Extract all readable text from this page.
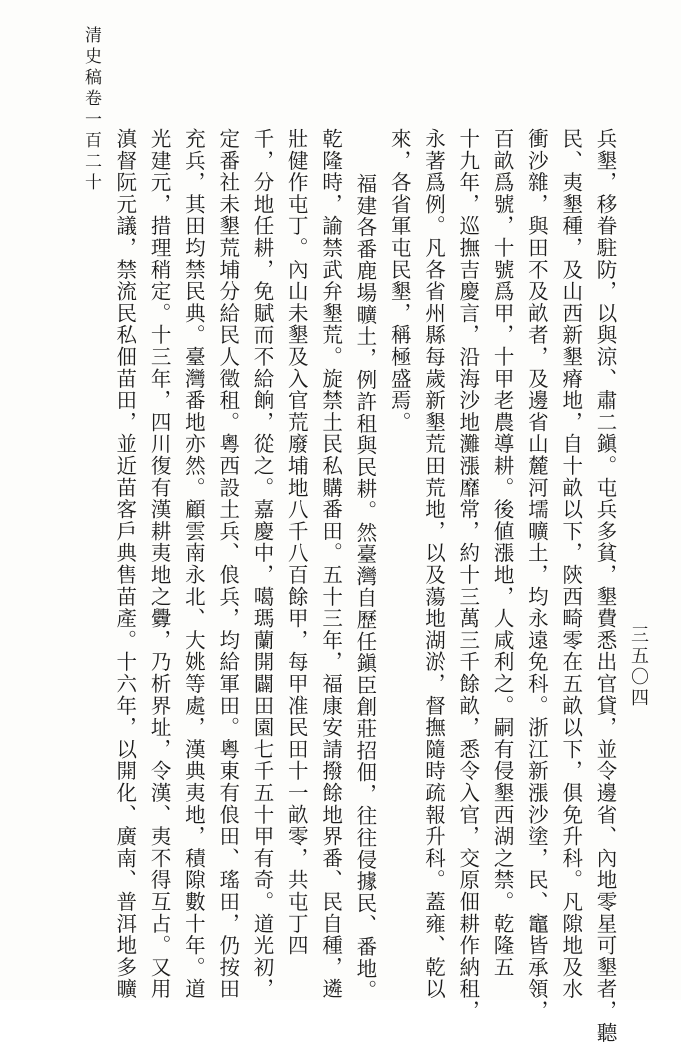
清史稿卷一百二十
三五〇四
兵墾，移眷駐防，以與涼、肅二鎭。屯兵多貧，墾費悉出官貸，並令邊省、內地零星可墾者，聽
民、夷墾種，及山西新墾瘠地，自十畝以下，陝西畸零在五畝以下，俱免升科。凡隙地及水
衝沙雜，與田不及畝者，及邊省山麓河壖曠土，均永遠免科。浙江新漲沙塗，民、竈皆承領，
百畝爲號，十號爲甲，十甲老農導耕。後値漲地，人咸利之。嗣有侵墾西湖之禁。乾隆五
十九年，巡撫吉慶言，沿海沙地灘漲靡常，約十三萬三千餘畝，悉令入官，交原佃耕作納租，
永著爲例。凡各省州縣每歲新墾荒田荒地，以及蕩地湖淤，督撫隨時疏報升科。蓋雍、乾以
來，各省軍屯民墾，稱極盛焉。
福建各番鹿場曠土，例許租與民耕。然臺灣自歷任鎭臣創莊招佃，往往侵據民、番地。
乾隆時，諭禁武弁墾荒。旋禁土民私購番田。五十三年，福康安請撥餘地界番、民自種，遴
壯健作屯丁。內山未墾及入官荒廢埔地八千八百餘甲，每甲准民田十一畝零，共屯丁四
千，分地任耕，免賦而不給餉，從之。嘉慶中，噶瑪蘭開闢田園七千五十甲有奇。道光初，
定番社未墾荒埔分給民人徵租。粵西設土兵、俍兵，均給軍田。粵東有俍田、瑤田，仍按田
充兵，其田均禁民典。臺灣番地亦然。顧雲南永北、大姚等處，漢典夷地，積隙數十年。道
光建元，措理稍定。十三年，四川復有漢耕夷地之釁，乃析界址，令漢、夷不得互占。又用
滇督阮元議，禁流民私佃苗田，並近苗客戶典售苗產。十六年，以開化、廣南、普洱地多曠
